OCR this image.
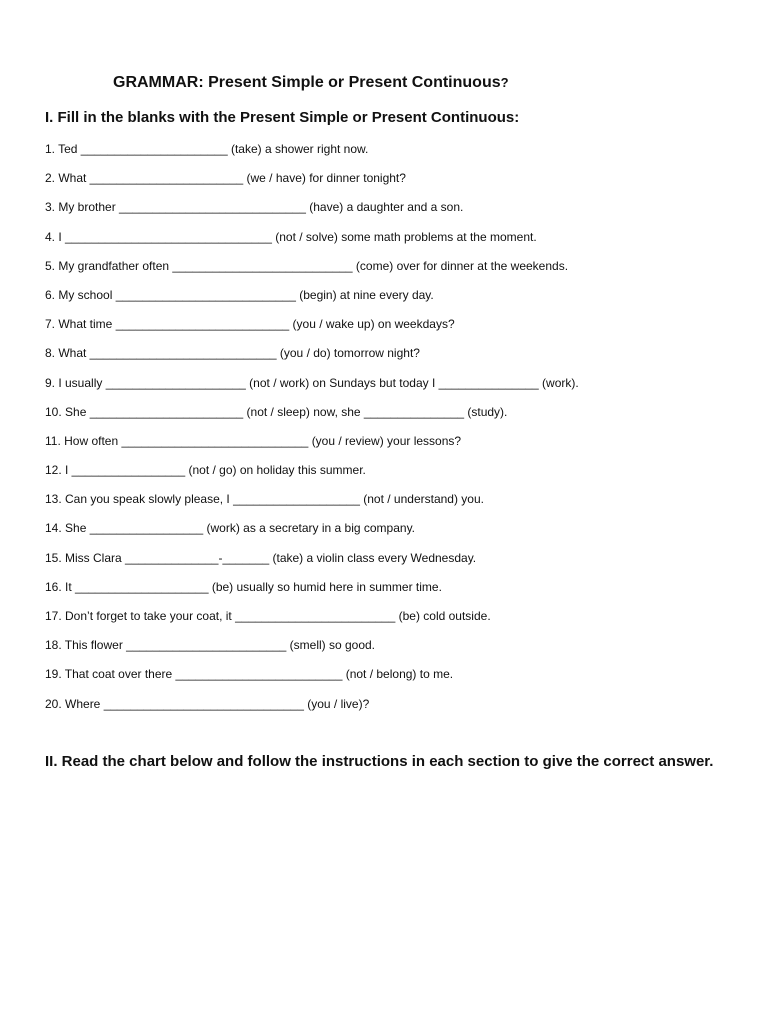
GRAMMAR: Present Simple or Present Continuous?
I. Fill in the blanks with the Present Simple or Present Continuous:
1. Ted ______________________ (take) a shower right now.
2. What _______________________ (we / have) for dinner tonight?
3. My brother ____________________________ (have) a daughter and a son.
4. I _______________________________ (not / solve) some math problems at the moment.
5. My grandfather often ___________________________ (come) over for dinner at the weekends.
6. My school ___________________________ (begin) at nine every day.
7. What time __________________________ (you / wake up) on weekdays?
8. What ____________________________ (you / do) tomorrow night?
9. I usually _____________________ (not / work) on Sundays but today I _______________ (work).
10. She _______________________ (not / sleep) now, she _______________ (study).
11. How often ____________________________ (you / review) your lessons?
12. I _________________ (not / go) on holiday this summer.
13. Can you speak slowly please, I ___________________ (not / understand) you.
14. She _________________ (work) as a secretary in a big company.
15. Miss Clara ______________-_______ (take) a violin class every Wednesday.
16. It ____________________ (be) usually so humid here in summer time.
17. Don’t forget to take your coat, it ________________________ (be) cold outside.
18. This flower ________________________ (smell) so good.
19. That coat over there _________________________ (not / belong) to me.
20. Where ______________________________ (you / live)?
II. Read the chart below and follow the instructions in each section to give the correct answer.
